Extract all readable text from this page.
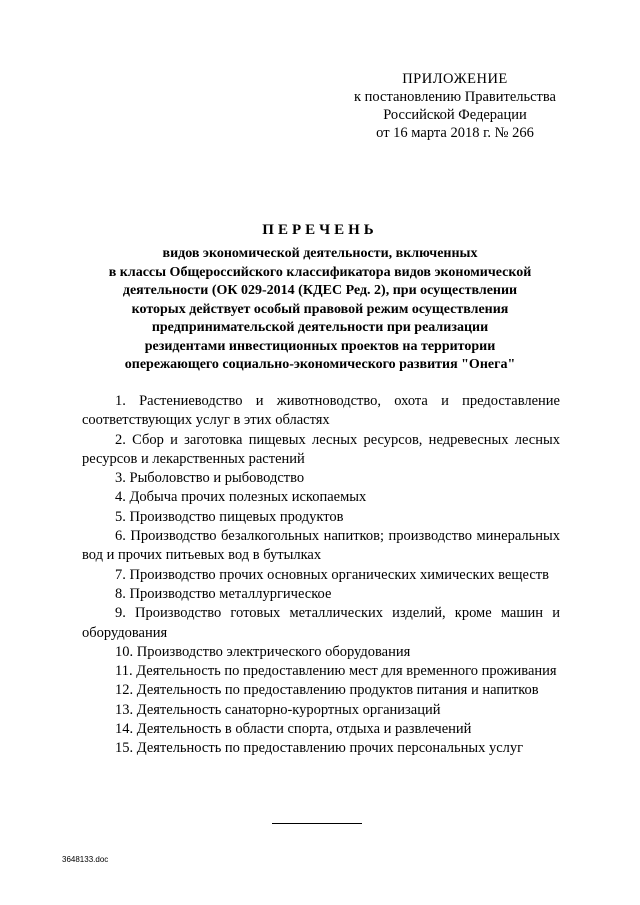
ПРИЛОЖЕНИЕ
к постановлению Правительства
Российской Федерации
от 16 марта 2018 г. № 266
ПЕРЕЧЕНЬ
видов экономической деятельности, включенных
в классы Общероссийского классификатора видов экономической
деятельности (ОК 029-2014 (КДЕС Ред. 2), при осуществлении
которых действует особый правовой режим осуществления
предпринимательской деятельности при реализации
резидентами инвестиционных проектов на территории
опережающего социально-экономического развития "Онега"

1. Растениеводство и животноводство, охота и предоставление соответствующих услуг в этих областях

2. Сбор и заготовка пищевых лесных ресурсов, недревесных лесных ресурсов и лекарственных растений

3. Рыболовство и рыбоводство

4. Добыча прочих полезных ископаемых

5. Производство пищевых продуктов

6. Производство безалкогольных напитков; производство минеральных вод и прочих питьевых вод в бутылках

7. Производство прочих основных органических химических веществ

8. Производство металлургическое

9. Производство готовых металлических изделий, кроме машин и оборудования

10. Производство электрического оборудования

11. Деятельность по предоставлению мест для временного проживания

12. Деятельность по предоставлению продуктов питания и напитков

13. Деятельность санаторно-курортных организаций

14. Деятельность в области спорта, отдыха и развлечений

15. Деятельность по предоставлению прочих персональных услуг

3648133.doc
